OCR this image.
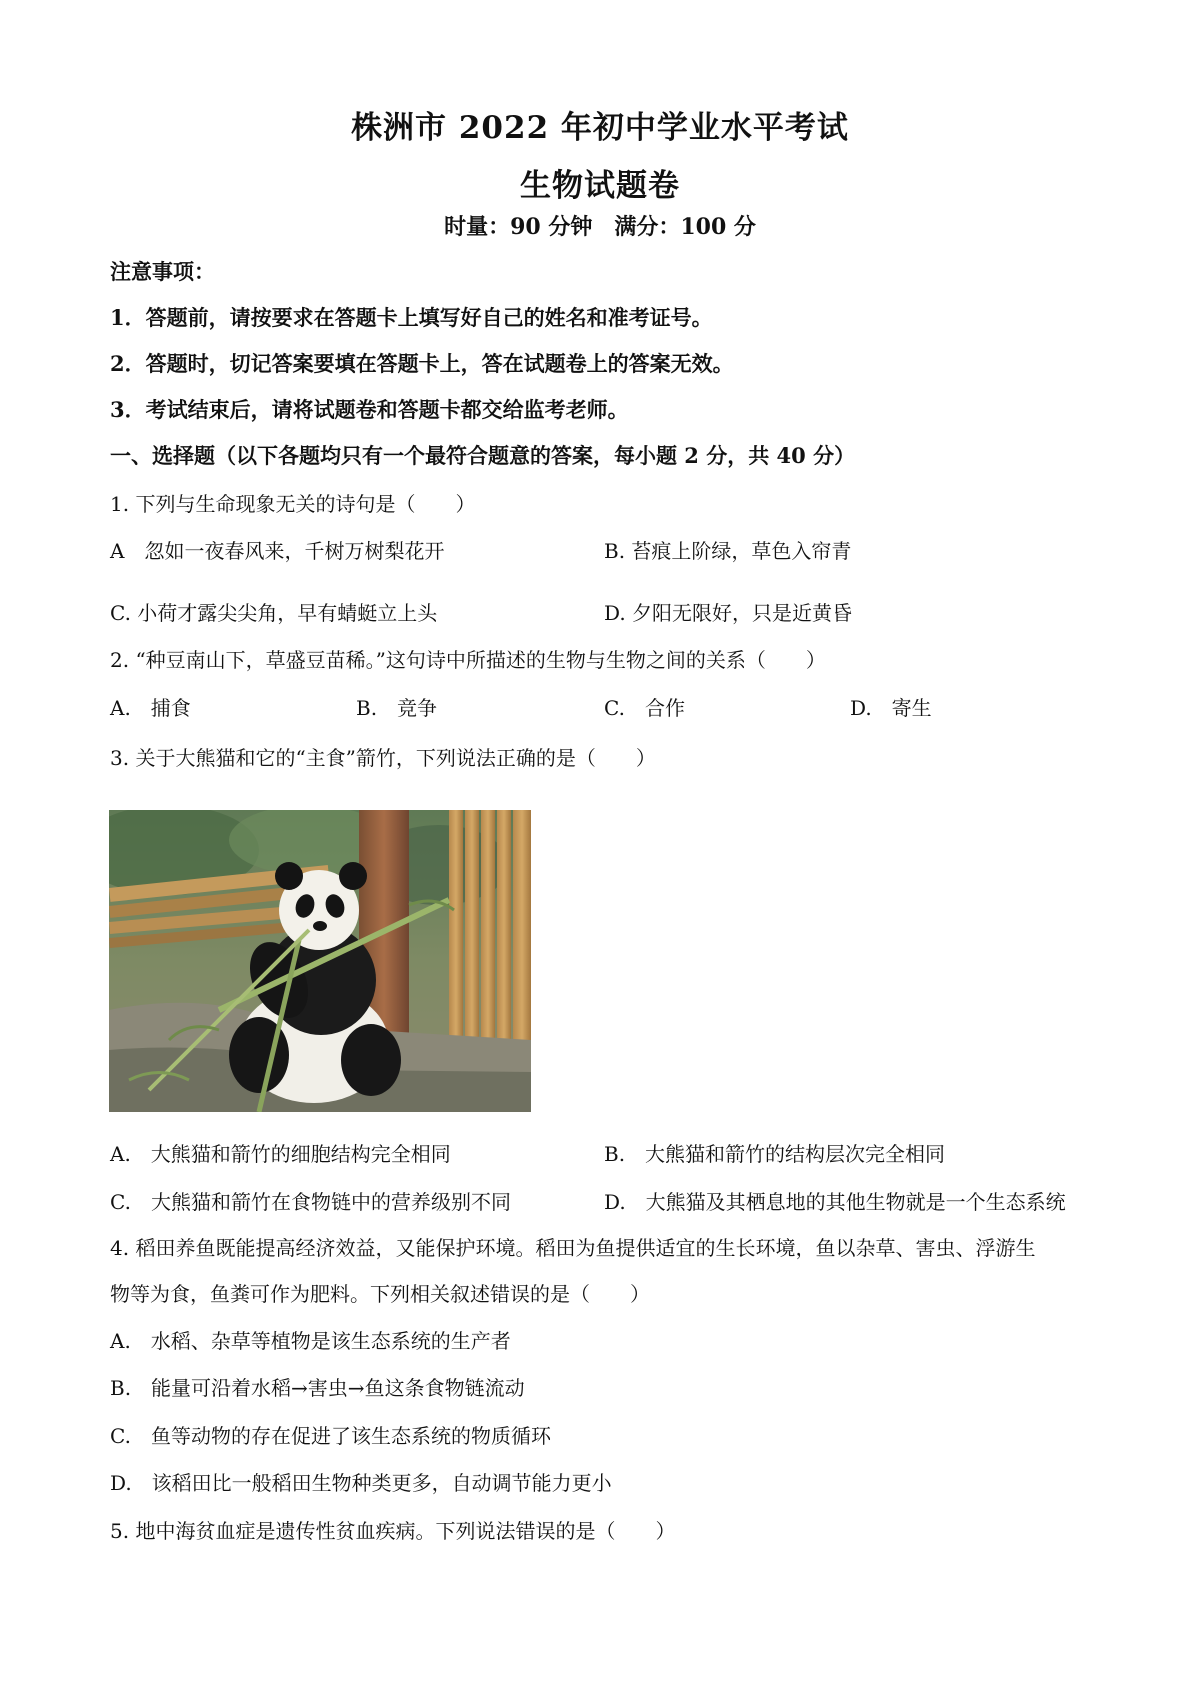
株洲市 2022 年初中学业水平考试
生物试题卷
时量：90 分钟　满分：100 分
注意事项：
1．答题前，请按要求在答题卡上填写好自己的姓名和准考证号。
2．答题时，切记答案要填在答题卡上，答在试题卷上的答案无效。
3．考试结束后，请将试题卷和答题卡都交给监考老师。
一、选择题（以下各题均只有一个最符合题意的答案，每小题 2 分，共 40 分）
1. 下列与生命现象无关的诗句是（　　）
A　忽如一夜春风来，千树万树梨花开	B. 苔痕上阶绿，草色入帘青
C. 小荷才露尖尖角，早有蜻蜓立上头	D. 夕阳无限好，只是近黄昏
2. “种豆南山下，草盛豆苗稀。”这句诗中所描述的生物与生物之间的关系（　　）
A.　捕食	B.　竞争	C.　合作	D.　寄生
3. 关于大熊猫和它的“主食”箭竹，下列说法正确的是（　　）
A.　大熊猫和箭竹的细胞结构完全相同	B.　大熊猫和箭竹的结构层次完全相同
C.　大熊猫和箭竹在食物链中的营养级别不同	D.　大熊猫及其栖息地的其他生物就是一个生态系统
4. 稻田养鱼既能提高经济效益，又能保护环境。稻田为鱼提供适宜的生长环境，鱼以杂草、害虫、浮游生
物等为食，鱼粪可作为肥料。下列相关叙述错误的是（　　）
A.　水稻、杂草等植物是该生态系统的生产者
B.　能量可沿着水稻→害虫→鱼这条食物链流动
C.　鱼等动物的存在促进了该生态系统的物质循环
D.　该稻田比一般稻田生物种类更多，自动调节能力更小
5. 地中海贫血症是遗传性贫血疾病。下列说法错误的是（　　）
